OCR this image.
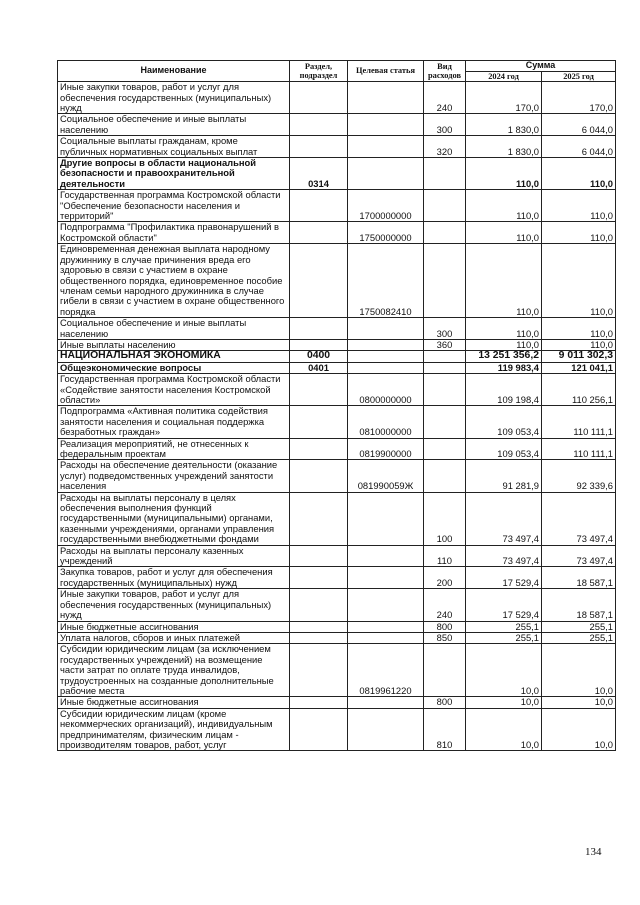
Наименование	Раздел, подраздел	Целевая статья	Вид расходов	Сумма	
				2024 год	2025 год
Иные закупки товаров, работ и услуг для обеспечения государственных (муниципальных) нужд			240	170,0	170,0
Социальное обеспечение и иные выплаты населению			300	1 830,0	6 044,0
Социальные выплаты гражданам, кроме публичных нормативных социальных выплат			320	1 830,0	6 044,0
Другие вопросы в области национальной безопасности и правоохранительной деятельности	0314			110,0	110,0
Государственная программа Костромской области "Обеспечение безопасности населения и территорий"		1700000000		110,0	110,0
Подпрограмма "Профилактика правонарушений в Костромской области"		1750000000		110,0	110,0
Единовременная денежная выплата народному дружиннику в случае причинения вреда его здоровью в связи с участием в охране общественного порядка, единовременное пособие членам семьи народного дружинника в случае гибели в связи с участием в охране общественного порядка		1750082410		110,0	110,0
Социальное обеспечение и иные выплаты населению			300	110,0	110,0
Иные выплаты населению			360	110,0	110,0
НАЦИОНАЛЬНАЯ ЭКОНОМИКА	0400			13 251 356,2	9 011 302,3
Общеэкономические вопросы	0401			119 983,4	121 041,1
Государственная программа Костромской области «Содействие занятости населения Костромской области»		0800000000		109 198,4	110 256,1
Подпрограмма «Активная политика содействия занятости населения и социальная поддержка безработных граждан»		0810000000		109 053,4	110 111,1
Реализация мероприятий, не отнесенных к федеральным проектам		0819900000		109 053,4	110 111,1
Расходы на обеспечение деятельности (оказание услуг) подведомственных учреждений занятости населения		081990059Ж		91 281,9	92 339,6
Расходы на выплаты персоналу в целях обеспечения выполнения функций государственными (муниципальными) органами, казенными учреждениями, органами управления государственными внебюджетными фондами			100	73 497,4	73 497,4
Расходы на выплаты персоналу казенных учреждений			110	73 497,4	73 497,4
Закупка товаров, работ и услуг для обеспечения государственных (муниципальных) нужд			200	17 529,4	18 587,1
Иные закупки товаров, работ и услуг для обеспечения государственных (муниципальных) нужд			240	17 529,4	18 587,1
Иные бюджетные ассигнования			800	255,1	255,1
Уплата налогов, сборов и иных платежей			850	255,1	255,1
Субсидии юридическим лицам (за исключением государственных учреждений) на возмещение части затрат по оплате труда инвалидов, трудоустроенных на созданные дополнительные рабочие места		0819961220		10,0	10,0
Иные бюджетные ассигнования			800	10,0	10,0
Субсидии юридическим лицам (кроме некоммерческих организаций), индивидуальным предпринимателям, физическим лицам - производителям товаров, работ, услуг			810	10,0	10,0
134
